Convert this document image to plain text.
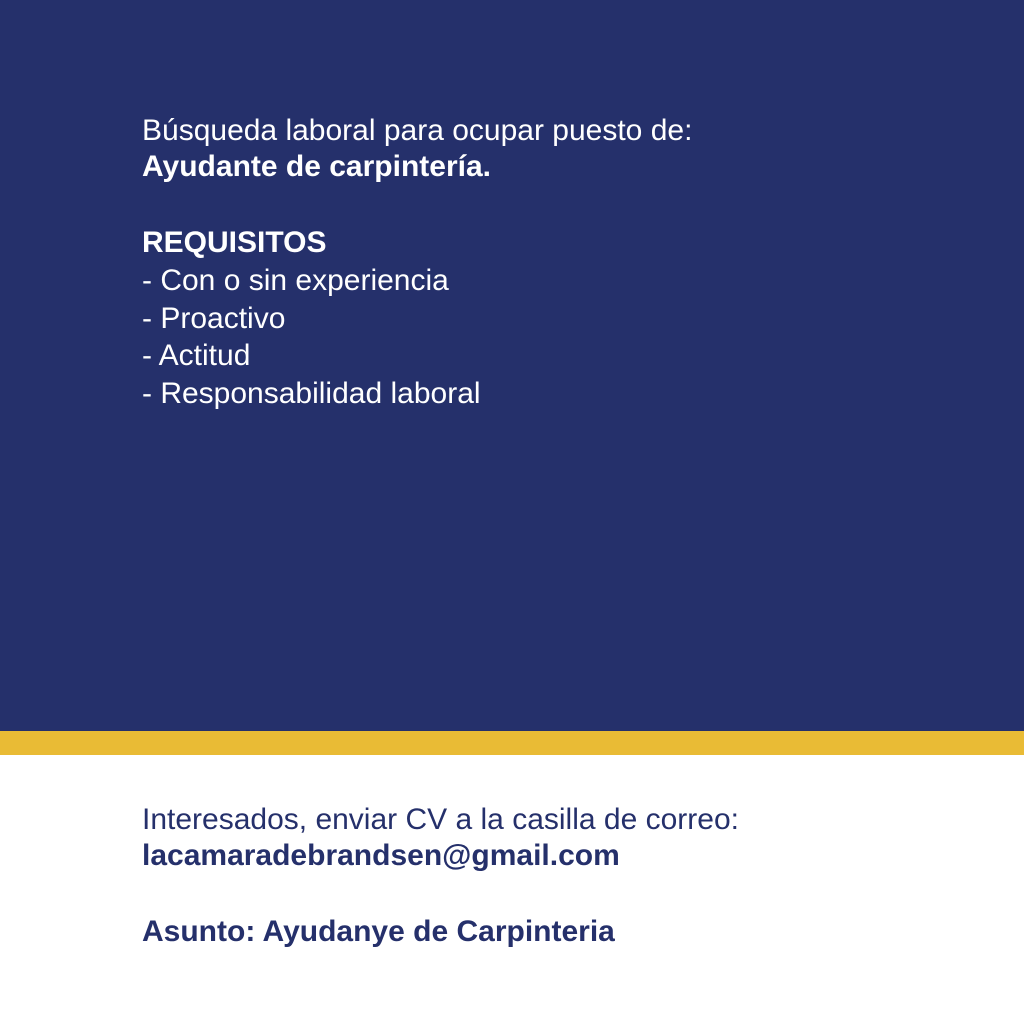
Búsqueda laboral para ocupar puesto de:

Ayudante de carpintería.

REQUISITOS

- Con o sin experiencia
- Proactivo
- Actitud
- Responsabilidad laboral

Interesados, enviar CV a la casilla de correo:

lacamaradebrandsen@gmail.com

Asunto: Ayudanye de Carpinteria
